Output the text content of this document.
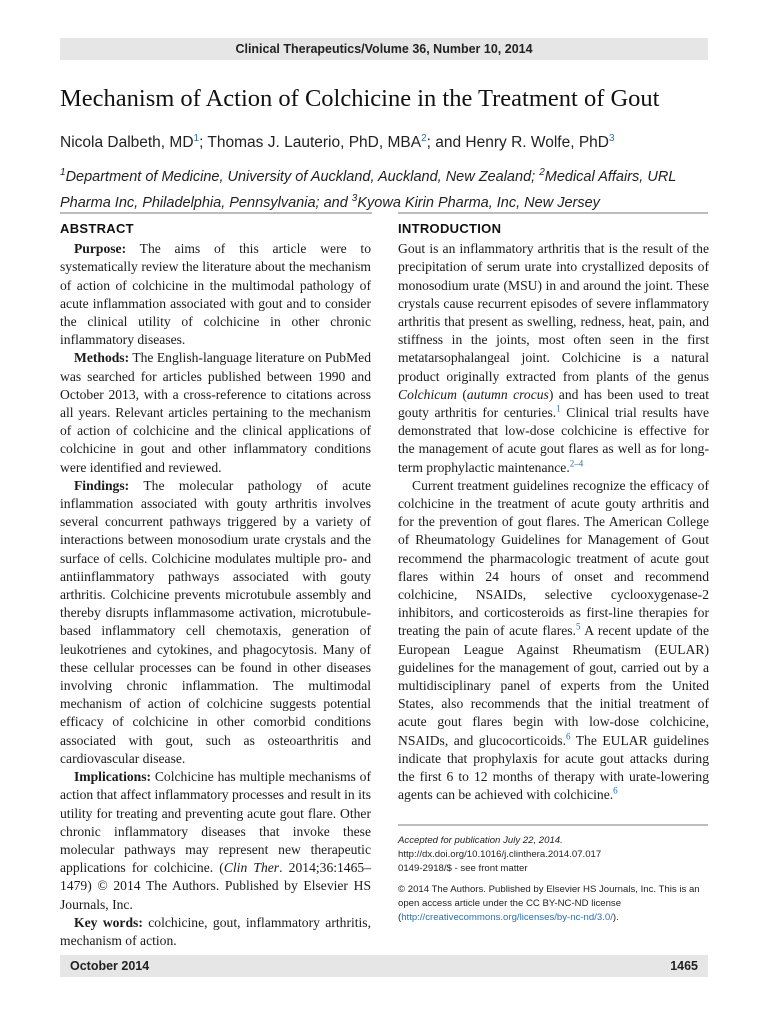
Clinical Therapeutics/Volume 36, Number 10, 2014
Mechanism of Action of Colchicine in the Treatment of Gout
Nicola Dalbeth, MD$^1$; Thomas J. Lauterio, PhD, MBA$^2$; and Henry R. Wolfe, PhD$^3$
$^1$Department of Medicine, University of Auckland, Auckland, New Zealand; $^2$Medical Affairs, URL Pharma Inc, Philadelphia, Pennsylvania; and $^3$Kyowa Kirin Pharma, Inc, New Jersey
ABSTRACT

Purpose: The aims of this article were to systematically review the literature about the mechanism of action of colchicine in the multimodal pathology of acute inflammation associated with gout and to consider the clinical utility of colchicine in other chronic inflammatory diseases.

Methods: The English-language literature on PubMed was searched for articles published between 1990 and October 2013, with a cross-reference to citations across all years. Relevant articles pertaining to the mechanism of action of colchicine and the clinical applications of colchicine in gout and other inflammatory conditions were identified and reviewed.

Findings: The molecular pathology of acute inflammation associated with gouty arthritis involves several concurrent pathways triggered by a variety of interactions between monosodium urate crystals and the surface of cells. Colchicine modulates multiple pro- and antiinflammatory pathways associated with gouty arthritis. Colchicine prevents microtubule assembly and thereby disrupts inflammasome activation, microtubule-based inflammatory cell chemotaxis, generation of leukotrienes and cytokines, and phagocytosis. Many of these cellular processes can be found in other diseases involving chronic inflammation. The multimodal mechanism of action of colchicine suggests potential efficacy of colchicine in other comorbid conditions associated with gout, such as osteoarthritis and cardiovascular disease.

Implications: Colchicine has multiple mechanisms of action that affect inflammatory processes and result in its utility for treating and preventing acute gout flare. Other chronic inflammatory diseases that invoke these molecular pathways may represent new therapeutic applications for colchicine. (Clin Ther. 2014;36:1465–1479) © 2014 The Authors. Published by Elsevier HS Journals, Inc.

Key words: colchicine, gout, inflammatory arthritis, mechanism of action.

INTRODUCTION

Gout is an inflammatory arthritis that is the result of the precipitation of serum urate into crystallized deposits of monosodium urate (MSU) in and around the joint. These crystals cause recurrent episodes of severe inflammatory arthritis that present as swelling, redness, heat, pain, and stiffness in the joints, most often seen in the first metatarsophalangeal joint. Colchicine is a natural product originally extracted from plants of the genus Colchicum (autumn crocus) and has been used to treat gouty arthritis for centuries.$^1$ Clinical trial results have demonstrated that low-dose colchicine is effective for the management of acute gout flares as well as for long-term prophylactic maintenance.$^{2-4}$

Current treatment guidelines recognize the efficacy of colchicine in the treatment of acute gouty arthritis and for the prevention of gout flares. The American College of Rheumatology Guidelines for Management of Gout recommend the pharmacologic treatment of acute gout flares within 24 hours of onset and recommend colchicine, NSAIDs, selective cyclooxygenase-2 inhibitors, and corticosteroids as first-line therapies for treating the pain of acute flares.$^5$ A recent update of the European League Against Rheumatism (EULAR) guidelines for the management of gout, carried out by a multidisciplinary panel of experts from the United States, also recommends that the initial treatment of acute gout flares begin with low-dose colchicine, NSAIDs, and glucocorticoids.$^6$ The EULAR guidelines indicate that prophylaxis for acute gout attacks during the first 6 to 12 months of therapy with urate-lowering agents can be achieved with colchicine.$^6$

Accepted for publication July 22, 2014.
http://dx.doi.org/10.1016/j.clinthera.2014.07.017
0149-2918/$ - see front matter
© 2014 The Authors. Published by Elsevier HS Journals, Inc. This is an open access article under the CC BY-NC-ND license (http://creativecommons.org/licenses/by-nc-nd/3.0/).
October 2014	1465
